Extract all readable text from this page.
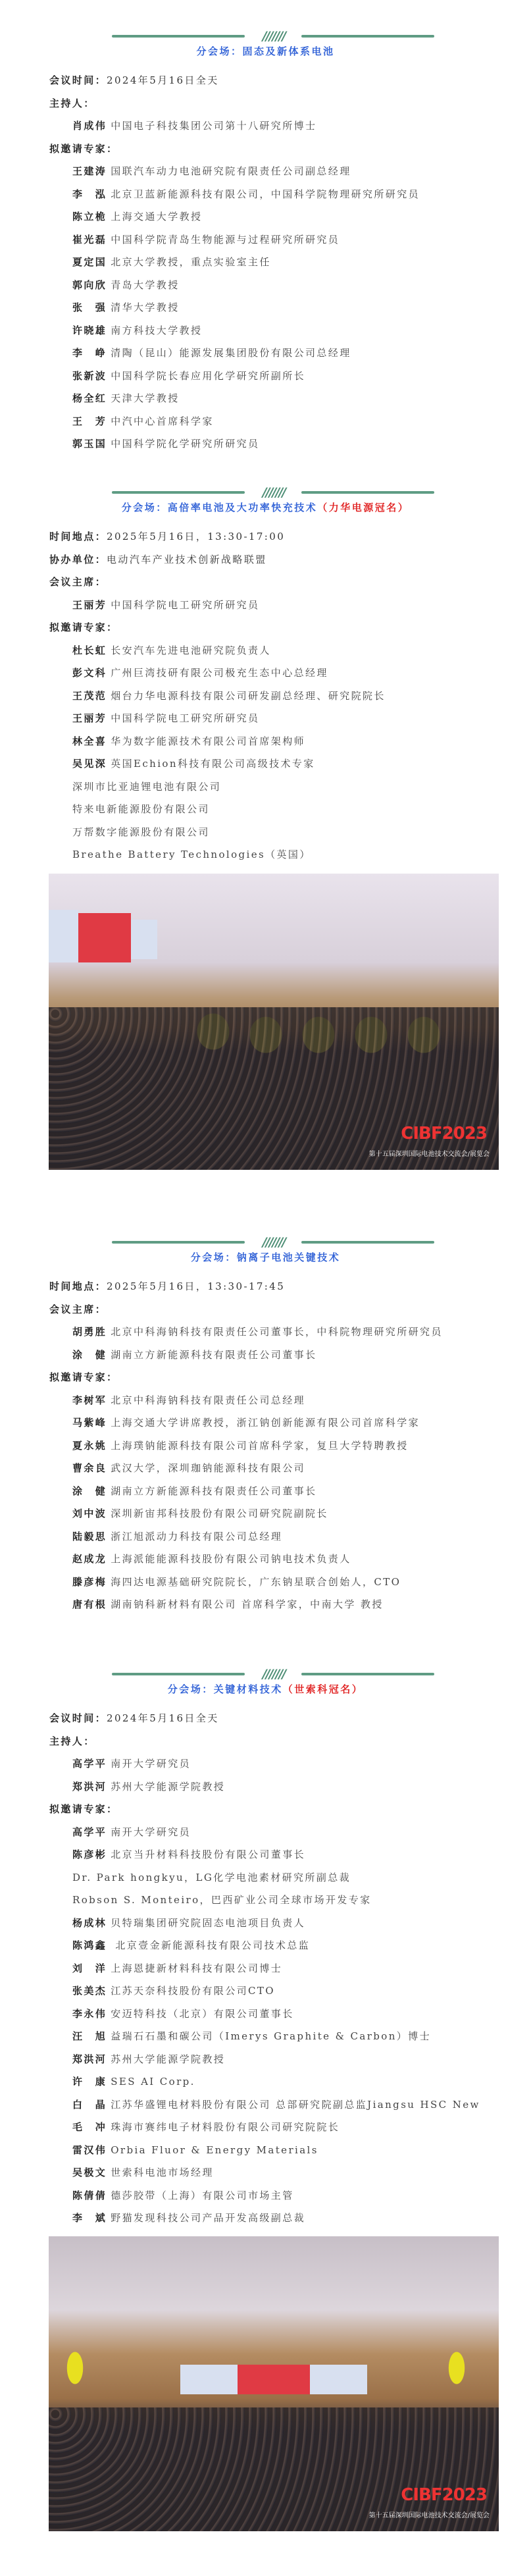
CIBF2023
第十五届深圳国际电池技术交流会/展览会
CIBF2023
第十五届深圳国际电池技术交流会/展览会
///////
分会场：固态及新体系电池
会议时间：2024年5月16日全天
主持人：
肖成伟 中国电子科技集团公司第十八研究所博士
拟邀请专家：
王建涛 国联汽车动力电池研究院有限责任公司副总经理
李　泓 北京卫蓝新能源科技有限公司，中国科学院物理研究所研究员
陈立桅 上海交通大学教授
崔光磊 中国科学院青岛生物能源与过程研究所研究员
夏定国 北京大学教授，重点实验室主任
郭向欣 青岛大学教授
张　强 清华大学教授
许晓雄 南方科技大学教授
李　峥 清陶（昆山）能源发展集团股份有限公司总经理
张新波 中国科学院长春应用化学研究所副所长
杨全红 天津大学教授
王　芳 中汽中心首席科学家
郭玉国 中国科学院化学研究所研究员
///////
分会场：高倍率电池及大功率快充技术（力华电源冠名）
时间地点：2025年5月16日，13:30-17:00
协办单位：电动汽车产业技术创新战略联盟
会议主席：
王丽芳 中国科学院电工研究所研究员
拟邀请专家：
杜长虹 长安汽车先进电池研究院负责人
彭文科 广州巨湾技研有限公司极充生态中心总经理
王茂范 烟台力华电源科技有限公司研发副总经理、研究院院长
王丽芳 中国科学院电工研究所研究员
林全喜 华为数字能源技术有限公司首席架构师
吴见深 英国Echion科技有限公司高级技术专家
深圳市比亚迪锂电池有限公司
特来电新能源股份有限公司
万帮数字能源股份有限公司
Breathe Battery Technologies（英国）
///////
分会场：钠离子电池关键技术
时间地点：2025年5月16日，13:30-17:45
会议主席：
胡勇胜 北京中科海钠科技有限责任公司董事长，中科院物理研究所研究员
涂　健 湖南立方新能源科技有限责任公司董事长
拟邀请专家：
李树军 北京中科海钠科技有限责任公司总经理
马紫峰 上海交通大学讲席教授，浙江钠创新能源有限公司首席科学家
夏永姚 上海璞钠能源科技有限公司首席科学家，复旦大学特聘教授
曹余良 武汉大学，深圳珈钠能源科技有限公司
涂　健 湖南立方新能源科技有限责任公司董事长
刘中波 深圳新宙邦科技股份有限公司研究院副院长
陆毅思 浙江旭派动力科技有限公司总经理
赵成龙 上海派能能源科技股份有限公司钠电技术负责人
滕彦梅 海四达电源基础研究院院长，广东钠星联合创始人，CTO
唐有根 湖南钠科新材料有限公司 首席科学家，中南大学 教授
///////
分会场：关键材料技术（世索科冠名）
会议时间：2024年5月16日全天
主持人：
高学平 南开大学研究员
郑洪河 苏州大学能源学院教授
拟邀请专家：
高学平 南开大学研究员
陈彦彬 北京当升材料科技股份有限公司董事长
Dr. Park hongkyu，LG化学电池素材研究所副总裁
Robson S. Monteiro，巴西矿业公司全球市场开发专家
杨成林 贝特瑞集团研究院固态电池项目负责人
陈鸿鑫 北京壹金新能源科技有限公司技术总监
刘　洋 上海恩捷新材料科技有限公司博士
张美杰 江苏天奈科技股份有限公司CTO
李永伟 安迈特科技（北京）有限公司董事长
汪　旭 益瑞石石墨和碳公司（Imerys Graphite & Carbon）博士
郑洪河 苏州大学能源学院教授
许　康 SES AI Corp.
白　晶 江苏华盛锂电材料股份有限公司 总部研究院副总监Jiangsu HSC New
毛　冲 珠海市赛纬电子材料股份有限公司研究院院长
雷汉伟 Orbia Fluor & Energy Materials
吴极文 世索科电池市场经理
陈倩倩 德莎胶带（上海）有限公司市场主管
李　斌 野猫发现科技公司产品开发高级副总裁
